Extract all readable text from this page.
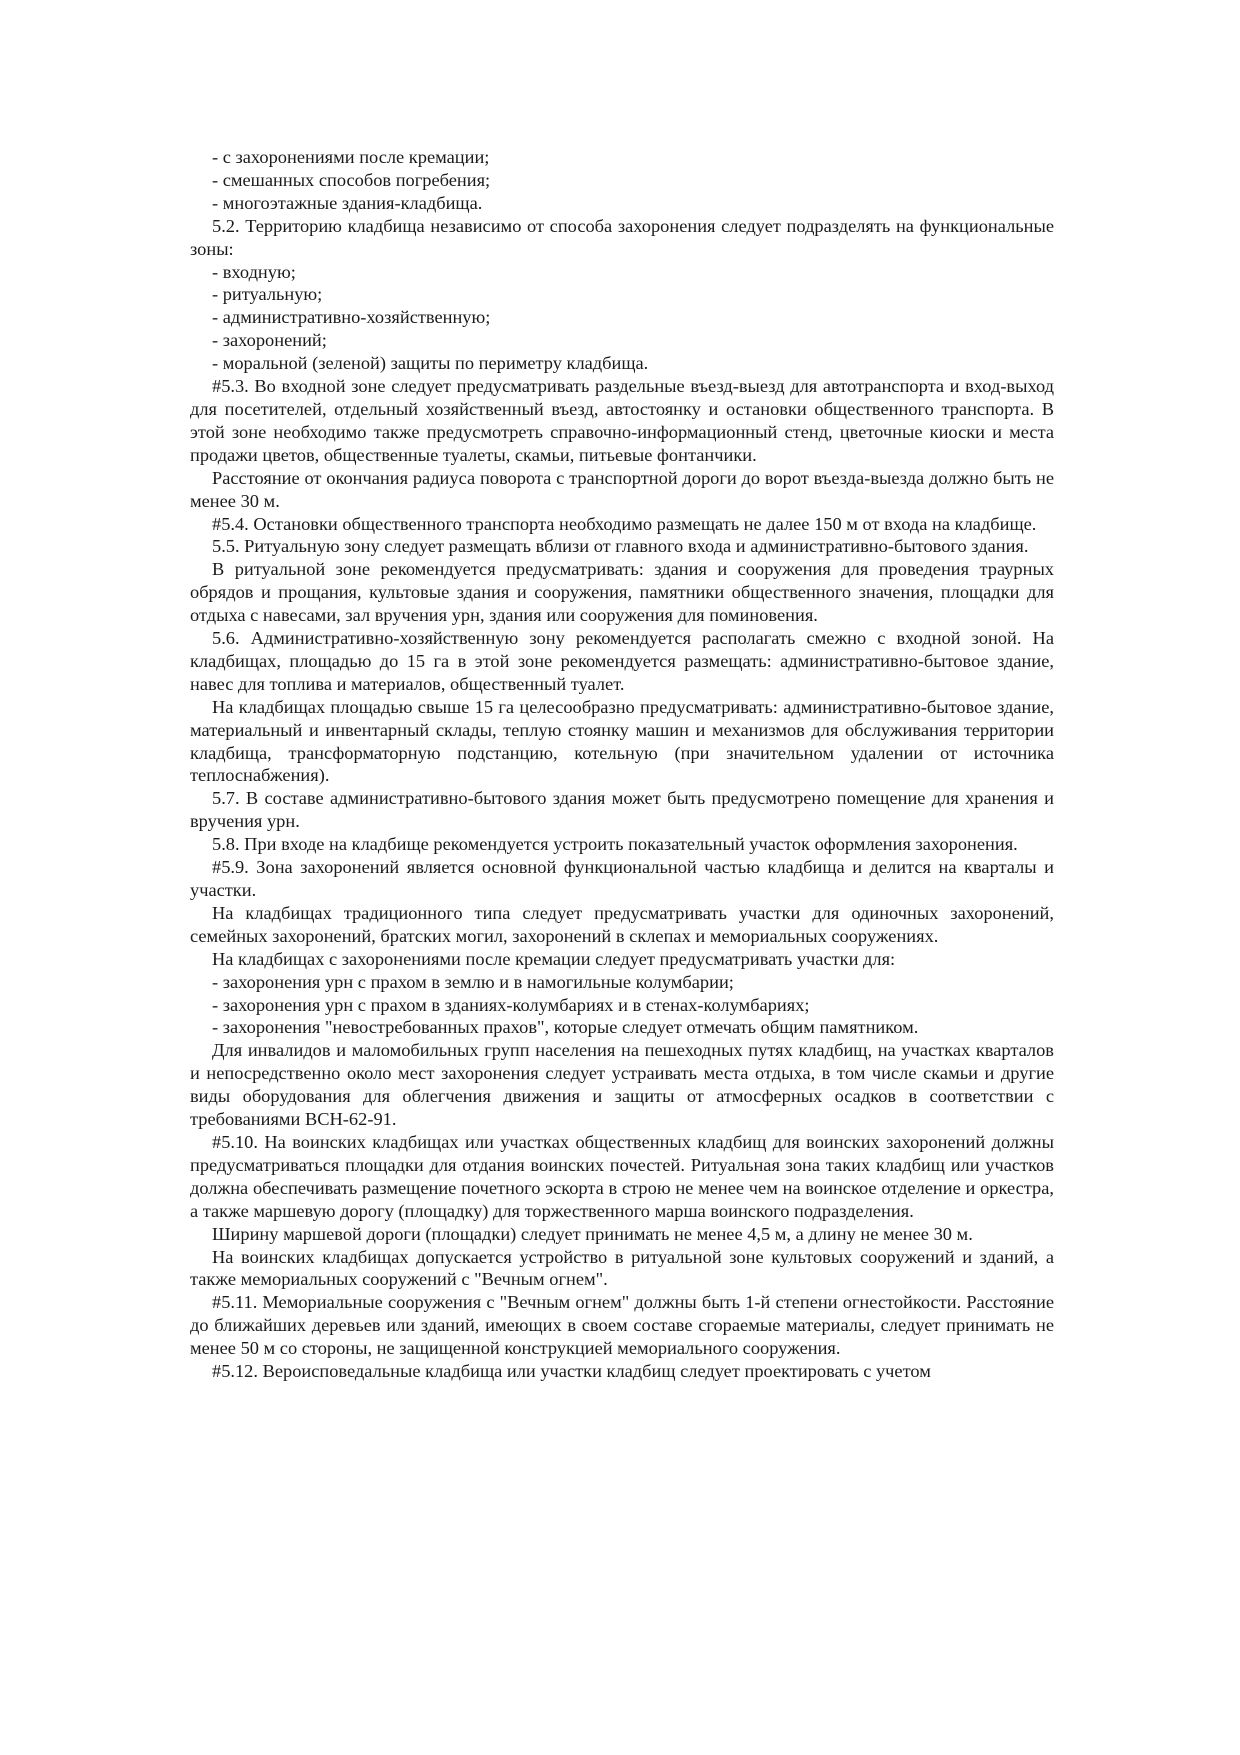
- с захоронениями после кремации;

- смешанных способов погребения;

- многоэтажные здания-кладбища.

5.2. Территорию кладбища независимо от способа захоронения следует подразделять на функциональные зоны:

- входную;

- ритуальную;

- административно-хозяйственную;

- захоронений;

- моральной (зеленой) защиты по периметру кладбища.

#5.3. Во входной зоне следует предусматривать раздельные въезд-выезд для автотранспорта и вход-выход для посетителей, отдельный хозяйственный въезд, автостоянку и остановки общественного транспорта. В этой зоне необходимо также предусмотреть справочно-информационный стенд, цветочные киоски и места продажи цветов, общественные туалеты, скамьи, питьевые фонтанчики.

Расстояние от окончания радиуса поворота с транспортной дороги до ворот въезда-выезда должно быть не менее 30 м.

#5.4. Остановки общественного транспорта необходимо размещать не далее 150 м от входа на кладбище.

5.5. Ритуальную зону следует размещать вблизи от главного входа и административно-бытового здания.

В ритуальной зоне рекомендуется предусматривать: здания и сооружения для проведения траурных обрядов и прощания, культовые здания и сооружения, памятники общественного значения, площадки для отдыха с навесами, зал вручения урн, здания или сооружения для поминовения.

5.6. Административно-хозяйственную зону рекомендуется располагать смежно с входной зоной. На кладбищах, площадью до 15 га в этой зоне рекомендуется размещать: административно-бытовое здание, навес для топлива и материалов, общественный туалет.

На кладбищах площадью свыше 15 га целесообразно предусматривать: административно-бытовое здание, материальный и инвентарный склады, теплую стоянку машин и механизмов для обслуживания территории кладбища, трансформаторную подстанцию, котельную (при значительном удалении от источника теплоснабжения).

5.7. В составе административно-бытового здания может быть предусмотрено помещение для хранения и вручения урн.

5.8. При входе на кладбище рекомендуется устроить показательный участок оформления захоронения.

#5.9. Зона захоронений является основной функциональной частью кладбища и делится на кварталы и участки.

На кладбищах традиционного типа следует предусматривать участки для одиночных захоронений, семейных захоронений, братских могил, захоронений в склепах и мемориальных сооружениях.

На кладбищах с захоронениями после кремации следует предусматривать участки для:

- захоронения урн с прахом в землю и в намогильные колумбарии;

- захоронения урн с прахом в зданиях-колумбариях и в стенах-колумбариях;

- захоронения "невостребованных прахов", которые следует отмечать общим памятником.

Для инвалидов и маломобильных групп населения на пешеходных путях кладбищ, на участках кварталов и непосредственно около мест захоронения следует устраивать места отдыха, в том числе скамьи и другие виды оборудования для облегчения движения и защиты от атмосферных осадков в соответствии с требованиями ВСН-62-91.

#5.10. На воинских кладбищах или участках общественных кладбищ для воинских захоронений должны предусматриваться площадки для отдания воинских почестей. Ритуальная зона таких кладбищ или участков должна обеспечивать размещение почетного эскорта в строю не менее чем на воинское отделение и оркестра, а также маршевую дорогу (площадку) для торжественного марша воинского подразделения.

Ширину маршевой дороги (площадки) следует принимать не менее 4,5 м, а длину не менее 30 м.

На воинских кладбищах допускается устройство в ритуальной зоне культовых сооружений и зданий, а также мемориальных сооружений с "Вечным огнем".

#5.11. Мемориальные сооружения с "Вечным огнем" должны быть 1-й степени огнестойкости. Расстояние до ближайших деревьев или зданий, имеющих в своем составе сгораемые материалы, следует принимать не менее 50 м со стороны, не защищенной конструкцией мемориального сооружения.

#5.12. Вероисповедальные кладбища или участки кладбищ следует проектировать с учетом
